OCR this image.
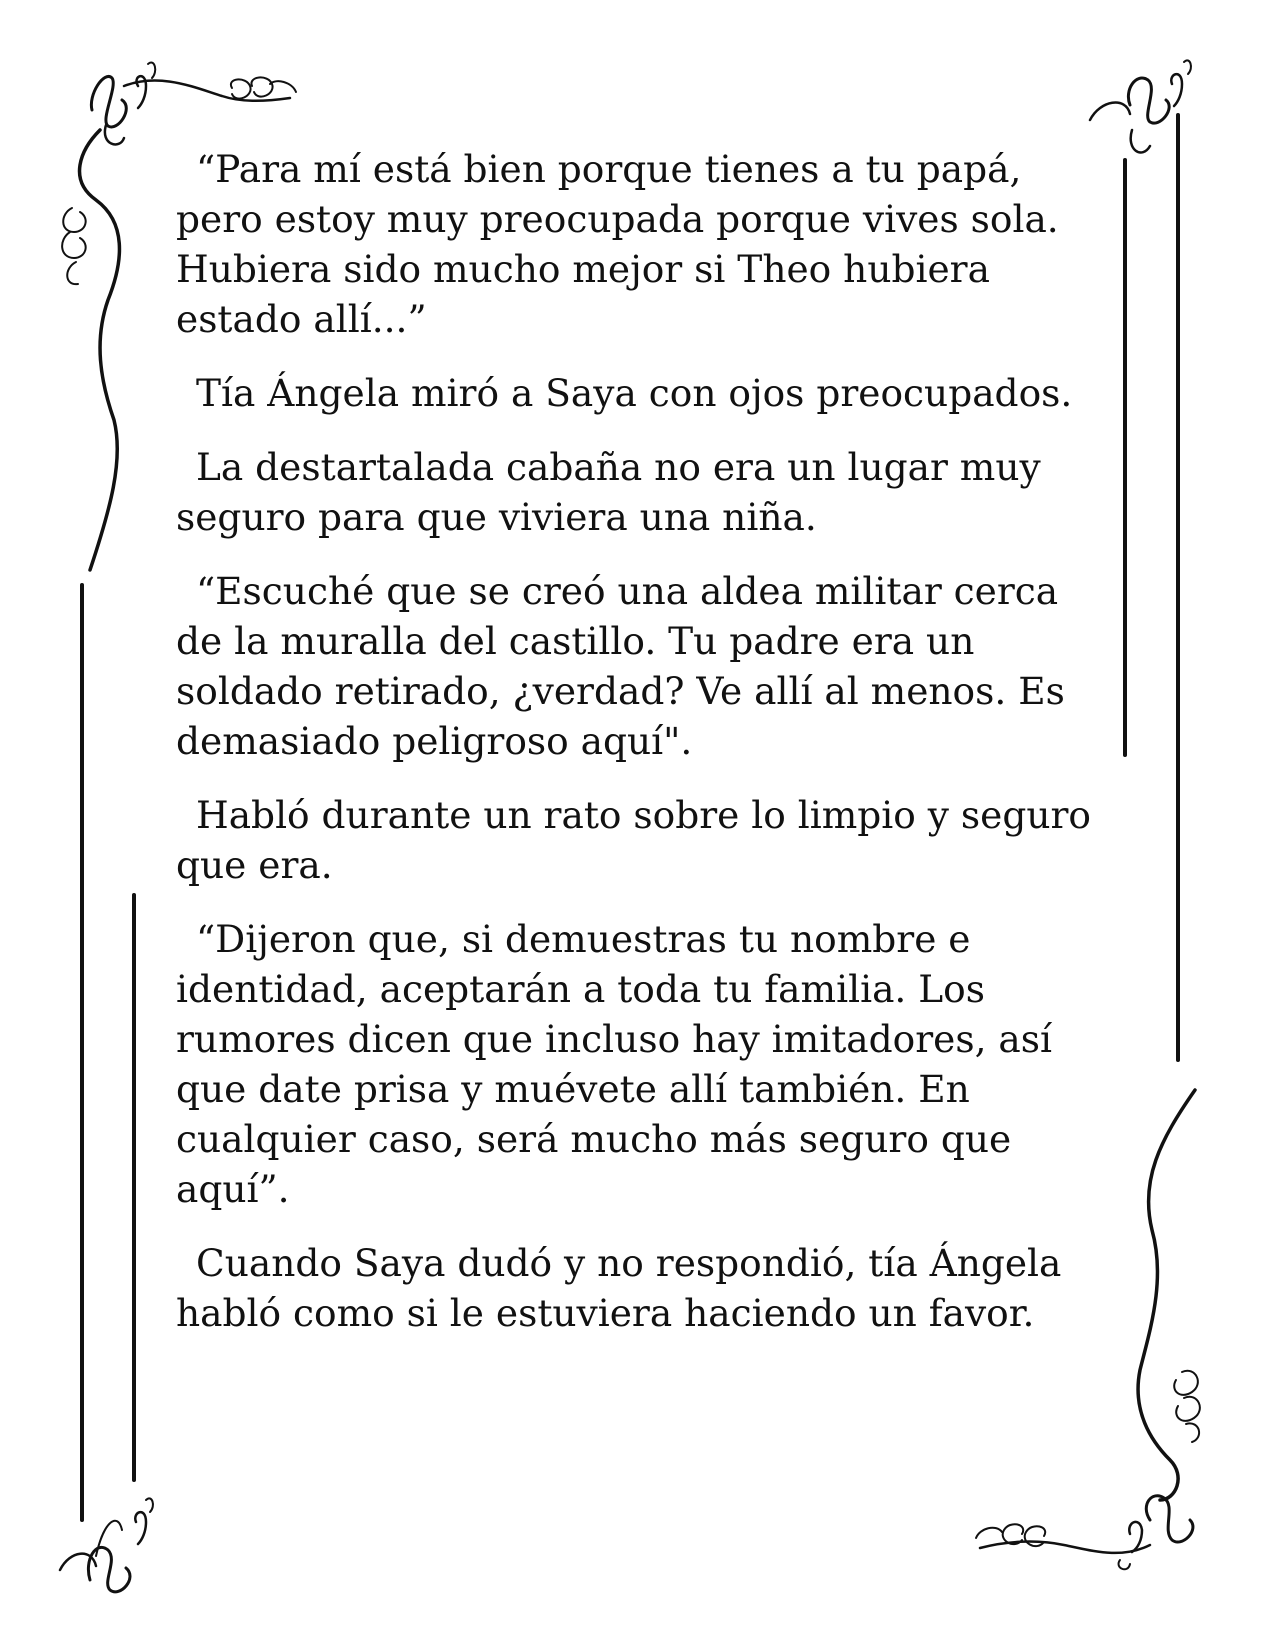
“Para mí está bien porque tienes a tu papá, pero estoy muy preocupada porque vives sola. Hubiera sido mucho mejor si Theo hubiera estado allí...”

Tía Ángela miró a Saya con ojos preocupados.

La destartalada cabaña no era un lugar muy seguro para que viviera una niña.

“Escuché que se creó una aldea militar cerca de la muralla del castillo. Tu padre era un soldado retirado, ¿verdad? Ve allí al menos. Es demasiado peligroso aquí".

Habló durante un rato sobre lo limpio y seguro que era.

“Dijeron que, si demuestras tu nombre e identidad, aceptarán a toda tu familia. Los rumores dicen que incluso hay imitadores, así que date prisa y muévete allí también. En cualquier caso, será mucho más seguro que aquí”.

Cuando Saya dudó y no respondió, tía Ángela habló como si le estuviera haciendo un favor.
